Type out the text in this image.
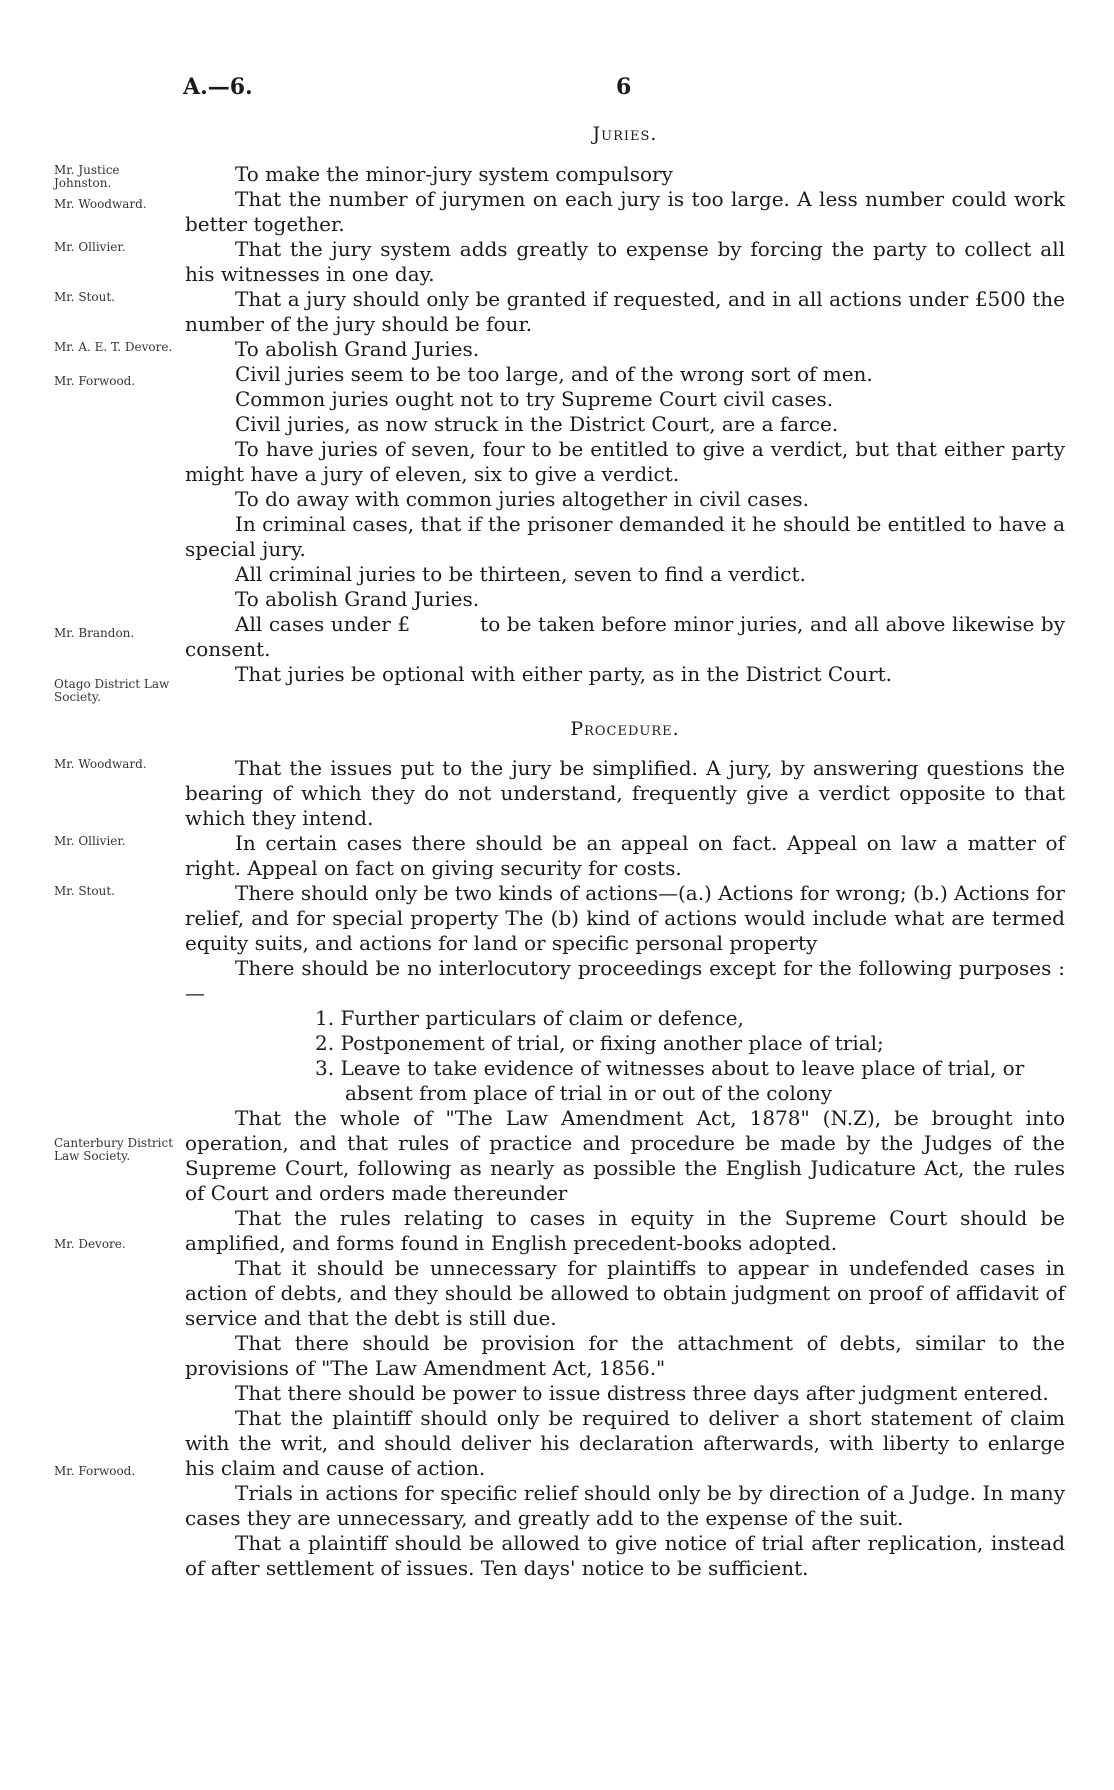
A.—6.	6
Juries.
Mr. Justice Johnston.
Mr. Woodward.
Mr. Ollivier.
Mr. Stout.
Mr. A. E. T. Devore.
Mr. Forwood.
Mr. Brandon.
Otago District Law Society.

To make the minor-jury system compulsory

That the number of jurymen on each jury is too large. A less number could work better together.

That the jury system adds greatly to expense by forcing the party to collect all his witnesses in one day.

That a jury should only be granted if requested, and in all actions under £500 the number of the jury should be four.

To abolish Grand Juries.

Civil juries seem to be too large, and of the wrong sort of men.

Common juries ought not to try Supreme Court civil cases.

Civil juries, as now struck in the District Court, are a farce.

To have juries of seven, four to be entitled to give a verdict, but that either party might have a jury of eleven, six to give a verdict.

To do away with common juries altogether in civil cases.

In criminal cases, that if the prisoner demanded it he should be entitled to have a special jury.

All criminal juries to be thirteen, seven to find a verdict.

To abolish Grand Juries.

All cases under £	to be taken before minor juries, and all above likewise by consent.

That juries be optional with either party, as in the District Court.

Procedure.
Mr. Woodward.
Mr. Ollivier.
Mr. Stout.
Canterbury District Law Society.
Mr. Devore.
Mr. Forwood.

That the issues put to the jury be simplified. A jury, by answering questions the bearing of which they do not understand, frequently give a verdict opposite to that which they intend.

In certain cases there should be an appeal on fact. Appeal on law a matter of right. Appeal on fact on giving security for costs.

There should only be two kinds of actions—(a.) Actions for wrong; (b.) Actions for relief, and for special property The (b) kind of actions would include what are termed equity suits, and actions for land or specific personal property

There should be no interlocutory proceedings except for the following purposes :—

1. Further particulars of claim or defence,

2. Postponement of trial, or fixing another place of trial;

3. Leave to take evidence of witnesses about to leave place of trial, or absent from place of trial in or out of the colony

That the whole of "The Law Amendment Act, 1878" (N.Z), be brought into operation, and that rules of practice and procedure be made by the Judges of the Supreme Court, following as nearly as possible the English Judicature Act, the rules of Court and orders made thereunder

That the rules relating to cases in equity in the Supreme Court should be amplified, and forms found in English precedent-books adopted.

That it should be unnecessary for plaintiffs to appear in undefended cases in action of debts, and they should be allowed to obtain judgment on proof of affidavit of service and that the debt is still due.

That there should be provision for the attachment of debts, similar to the provisions of "The Law Amendment Act, 1856."

That there should be power to issue distress three days after judgment entered.

That the plaintiff should only be required to deliver a short statement of claim with the writ, and should deliver his declaration afterwards, with liberty to enlarge his claim and cause of action.

Trials in actions for specific relief should only be by direction of a Judge. In many cases they are unnecessary, and greatly add to the expense of the suit.

That a plaintiff should be allowed to give notice of trial after replication, instead of after settlement of issues. Ten days' notice to be sufficient.
